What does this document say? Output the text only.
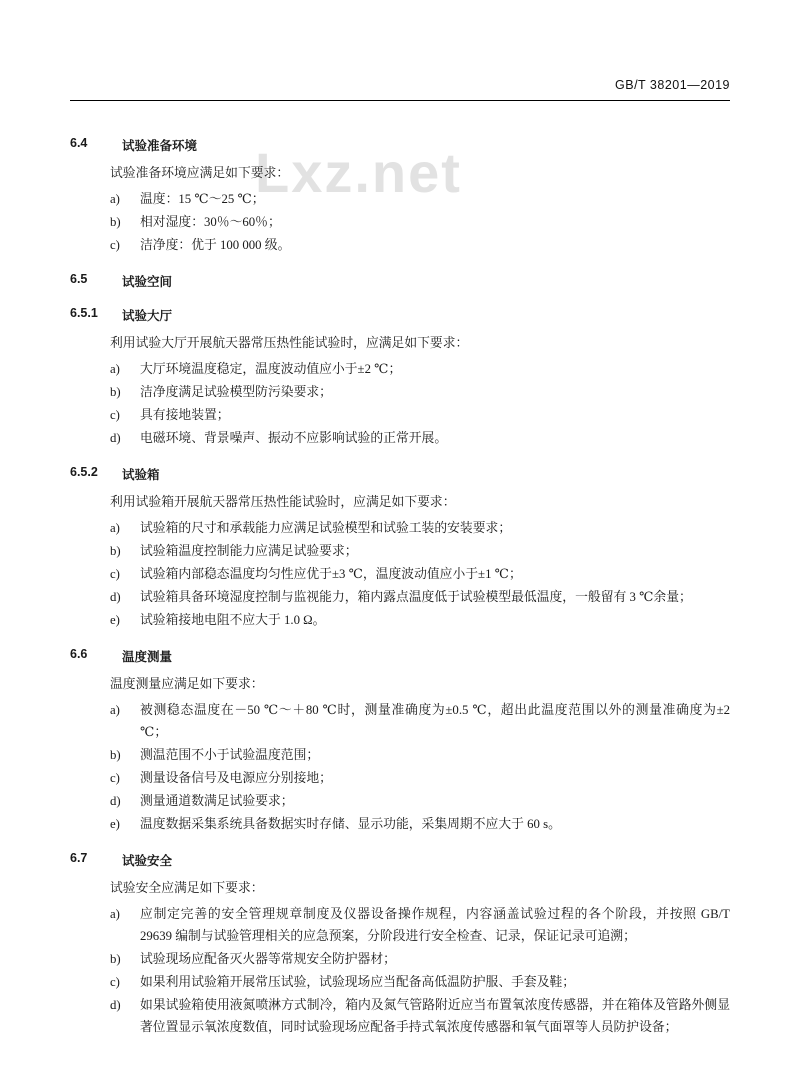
Lxz.net
GB/T 38201—2019
6.4	试验准备环境

试验准备环境应满足如下要求：

a)	温度：15 ℃～25 ℃；
b)	相对湿度：30％～60％；
c)	洁净度：优于 100 000 级。
6.5	试验空间
6.5.1	试验大厅

利用试验大厅开展航天器常压热性能试验时，应满足如下要求：

a)	大厅环境温度稳定，温度波动值应小于±2 ℃；
b)	洁净度满足试验模型防污染要求；
c)	具有接地装置；
d)	电磁环境、背景噪声、振动不应影响试验的正常开展。
6.5.2	试验箱

利用试验箱开展航天器常压热性能试验时，应满足如下要求：

a)	试验箱的尺寸和承载能力应满足试验模型和试验工装的安装要求；
b)	试验箱温度控制能力应满足试验要求；
c)	试验箱内部稳态温度均匀性应优于±3 ℃，温度波动值应小于±1 ℃；
d)	试验箱具备环境湿度控制与监视能力，箱内露点温度低于试验模型最低温度，一般留有 3 ℃余量；
e)	试验箱接地电阻不应大于 1.0 Ω。
6.6	温度测量

温度测量应满足如下要求：

a)	被测稳态温度在－50 ℃～＋80 ℃时，测量准确度为±0.5 ℃，超出此温度范围以外的测量准确度为±2 ℃；
b)	测温范围不小于试验温度范围；
c)	测量设备信号及电源应分别接地；
d)	测量通道数满足试验要求；
e)	温度数据采集系统具备数据实时存储、显示功能，采集周期不应大于 60 s。
6.7	试验安全

试验安全应满足如下要求：

a)	应制定完善的安全管理规章制度及仪器设备操作规程，内容涵盖试验过程的各个阶段，并按照 GB/T 29639 编制与试验管理相关的应急预案，分阶段进行安全检查、记录，保证记录可追溯；
b)	试验现场应配备灭火器等常规安全防护器材；
c)	如果利用试验箱开展常压试验，试验现场应当配备高低温防护服、手套及鞋；
d)	如果试验箱使用液氮喷淋方式制冷，箱内及氮气管路附近应当布置氧浓度传感器，并在箱体及管路外侧显著位置显示氧浓度数值，同时试验现场应配备手持式氧浓度传感器和氧气面罩等人员防护设备；
